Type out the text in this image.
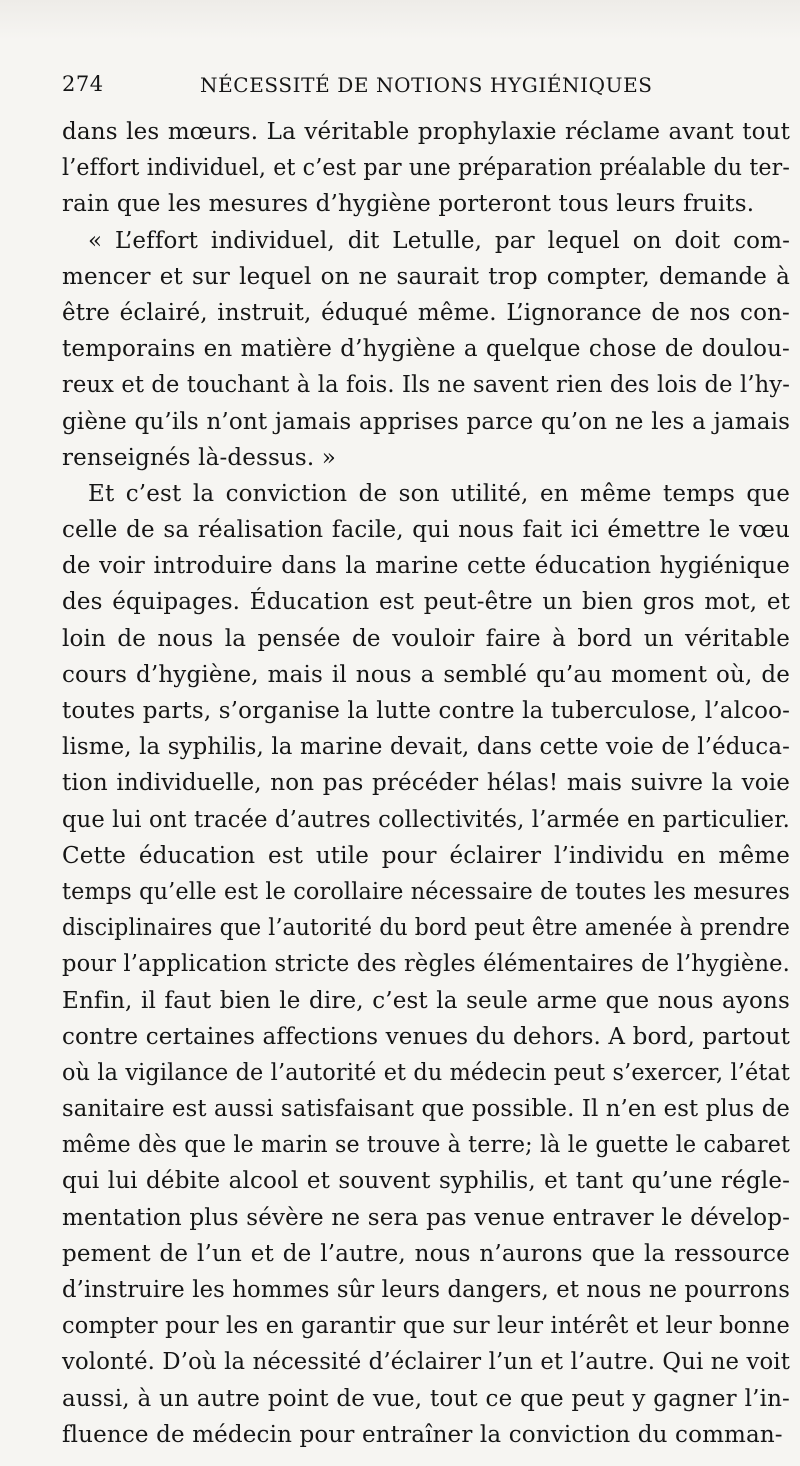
274	NÉCESSITÉ DE NOTIONS HYGIÉNIQUES
dans les mœurs. La véritable prophylaxie réclame avant tout
l’effort individuel, et c’est par une préparation préalable du ter-
rain que les mesures d’hygiène porteront tous leurs fruits.
« L’effort individuel, dit Letulle, par lequel on doit com-
mencer et sur lequel on ne saurait trop compter, demande à
être éclairé, instruit, éduqué même. L’ignorance de nos con-
temporains en matière d’hygiène a quelque chose de doulou-
reux et de touchant à la fois. Ils ne savent rien des lois de l’hy-
giène qu’ils n’ont jamais apprises parce qu’on ne les a jamais
renseignés là-dessus. »
Et c’est la conviction de son utilité, en même temps que
celle de sa réalisation facile, qui nous fait ici émettre le vœu
de voir introduire dans la marine cette éducation hygiénique
des équipages. Éducation est peut-être un bien gros mot, et
loin de nous la pensée de vouloir faire à bord un véritable
cours d’hygiène, mais il nous a semblé qu’au moment où, de
toutes parts, s’organise la lutte contre la tuberculose, l’alcoo-
lisme, la syphilis, la marine devait, dans cette voie de l’éduca-
tion individuelle, non pas précéder hélas! mais suivre la voie
que lui ont tracée d’autres collectivités, l’armée en particulier.
Cette éducation est utile pour éclairer l’individu en même
temps qu’elle est le corollaire nécessaire de toutes les mesures
disciplinaires que l’autorité du bord peut être amenée à prendre
pour l’application stricte des règles élémentaires de l’hygiène.
Enfin, il faut bien le dire, c’est la seule arme que nous ayons
contre certaines affections venues du dehors. A bord, partout
où la vigilance de l’autorité et du médecin peut s’exercer, l’état
sanitaire est aussi satisfaisant que possible. Il n’en est plus de
même dès que le marin se trouve à terre; là le guette le cabaret
qui lui débite alcool et souvent syphilis, et tant qu’une régle-
mentation plus sévère ne sera pas venue entraver le dévelop-
pement de l’un et de l’autre, nous n’aurons que la ressource
d’instruire les hommes sûr leurs dangers, et nous ne pourrons
compter pour les en garantir que sur leur intérêt et leur bonne
volonté. D’où la nécessité d’éclairer l’un et l’autre. Qui ne voit
aussi, à un autre point de vue, tout ce que peut y gagner l’in-
fluence de médecin pour entraîner la conviction du comman-
